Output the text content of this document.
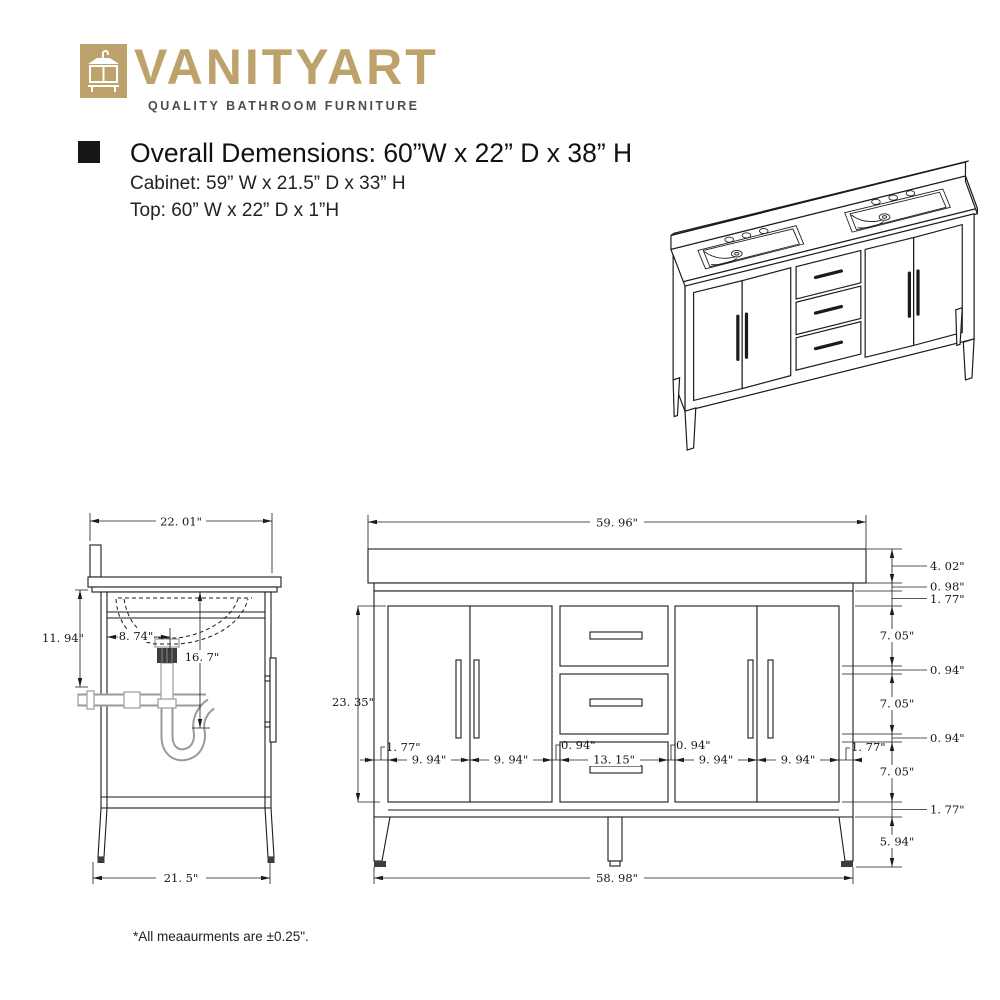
VANITYART
QUALITY BATHROOM FURNITURE
Overall Demensions: 60”W x 22” D x 38” H
Cabinet: 59” W x 21.5” D x 33” H
Top: 60” W x 22” D x 1”H
22. 01"
11. 94"	8. 74"
16. 7"
21. 5"
59. 96"
23. 35"
58. 98"
9. 94"	9. 94"	13. 15"	9. 94"	9. 94"
1. 77"	0. 94"	0. 94"	1. 77"
4. 02"
0. 98"
1. 77"
7. 05"
0. 94"
7. 05"
0. 94"
7. 05"
1. 77"
5. 94"
*All meaaurments are ±0.25".
